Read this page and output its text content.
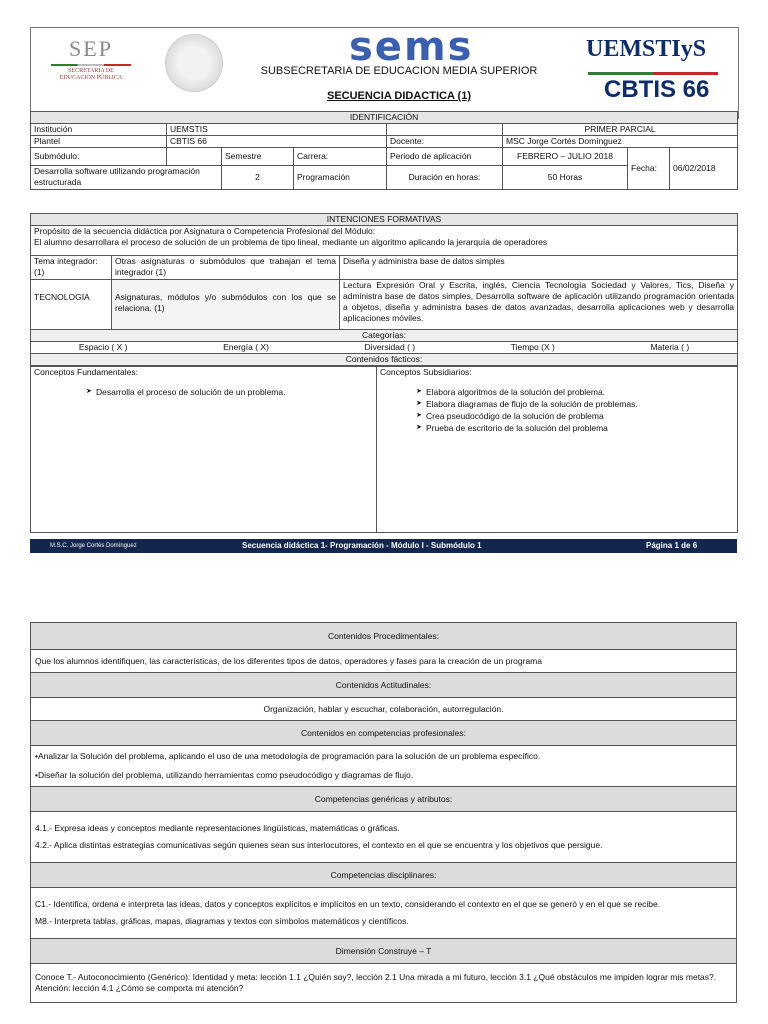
SEP
SECRETARÍA DE
EDUCACIÓN PÚBLICA
sems
SUBSECRETARIA DE EDUCACION MEDIA SUPERIOR
SECUENCIA DIDACTICA (1)
UEMSTIyS
CBTIS 66
IDENTIFICACIÓN							
Institución	UEMSTIS				PRIMER PARCIAL		
Plantel	CBTIS 66			Docente:	MSC Jorge Cortés Domínguez		
Submódulo:		Semestre	Carrera:	Periodo de aplicación	FEBRERO – JULIO 2018	Fecha:	06/02/2018
Desarrolla software utilizando programación estructurada		2	Programación	Duración en horas:	50 Horas		
INTENCIONES FORMATIVAS		

Propósito de la secuencia didáctica por Asignatura o Competencia Profesional del Módulo:
El alumno desarrollara el proceso de solución de un problema de tipo lineal, mediante un algoritmo aplicando la jerarquía de operadores		

Tema integrador:(1)	Otras asignaturas o submódulos que trabajan el tema integrador (1)	Diseña y administra base de datos simples
TECNOLOGIA	Asignaturas, módulos y/o submódulos con los que se relaciona. (1)	Lectura Expresión Oral y Escrita, inglés, Ciencia Tecnología Sociedad y Valores, Tics, Diseña y administra base de datos simples, Desarrolla software de aplicación utilizando programación orientada a objetos, diseña y administra bases de datos avanzadas, desarrolla aplicaciones web y desarrolla aplicaciones móviles.
Categorías:		

Espacio ( X ) Energía ( X) Diversidad ( ) Tiempo (X ) Materia ( )		

Contenidos fácticos:		
Conceptos Fundamentales:
➤ Desarrolla el proceso de solución de un problema.

Conceptos Subsidiarios:
➤ Elabora algoritmos de la solución del problema.
➤ Elabora diagramas de flujo de la solución de problemas.
➤ Crea pseudocódigo de la solución de problema
➤ Prueba de escritorio de la solución del problema
M.S.C. Jorge Cortés Domínguez	Secuencia didáctica 1- Programación - Módulo I - Submódulo 1	Página 1 de 6
Contenidos Procedimentales:
Que los alumnos identifiquen, las características, de los diferentes tipos de datos, operadores y fases para la creación de un programa
Contenidos Actitudinales:
Organización, hablar y escuchar, colaboración, autorregulación.
Contenidos en competencias profesionales:

• Analizar la Solución del problema, aplicando el uso de una metodología de programación para la solución de un problema específico.
• Diseñar la solución del problema, utilizando herramientas como pseudocódigo y diagramas de flujo.

Competencias genéricas y atributos:

4.1.- Expresa ideas y conceptos mediante representaciones lingüísticas, matemáticas o gráficas.
4.2.- Aplica distintas estrategias comunicativas según quienes sean sus interlocutores, el contexto en el que se encuentra y los objetivos que persigue.

Competencias disciplinares:

C1.- Identifica, ordena e interpreta las ideas, datos y conceptos explícitos e implícitos en un texto, considerando el contexto en el que se generó y en el que se recibe.
M8.- Interpreta tablas, gráficas, mapas, diagramas y textos con símbolos matemáticos y científicos.

Dimensión Construye – T
Conoce T.- Autoconocimiento (Genérico): Identidad y meta: lección 1.1 ¿Quién soy?, lección 2.1 Una mirada a mi futuro, lección 3.1 ¿Qué obstáculos me impiden lograr mis metas?. Atención: lección 4.1 ¿Cómo se comporta mi atención?
